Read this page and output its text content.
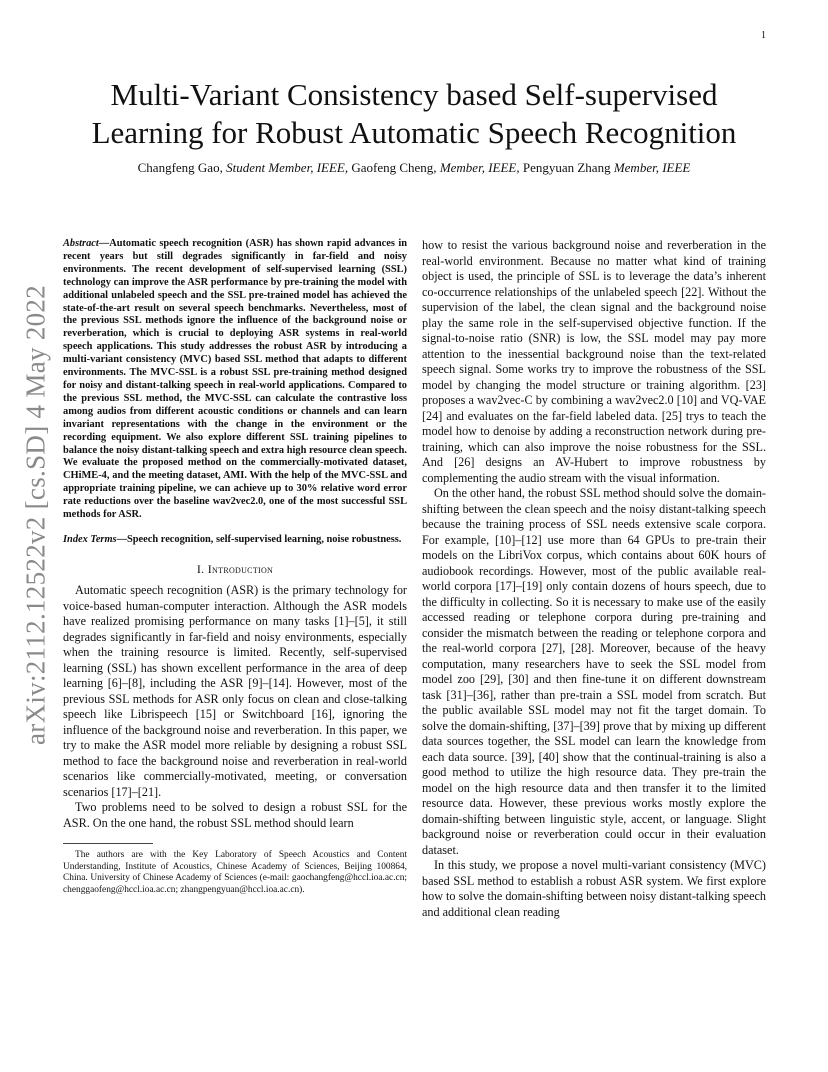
1
Multi-Variant Consistency based Self-supervised Learning for Robust Automatic Speech Recognition
Changfeng Gao, Student Member, IEEE, Gaofeng Cheng, Member, IEEE, Pengyuan Zhang Member, IEEE
arXiv:2112.12522v2 [cs.SD] 4 May 2022
Abstract—Automatic speech recognition (ASR) has shown rapid advances in recent years but still degrades significantly in far-field and noisy environments. The recent development of self-supervised learning (SSL) technology can improve the ASR performance by pre-training the model with additional unlabeled speech and the SSL pre-trained model has achieved the state-of-the-art result on several speech benchmarks. Nevertheless, most of the previous SSL methods ignore the influence of the background noise or reverberation, which is crucial to deploying ASR systems in real-world speech applications. This study addresses the robust ASR by introducing a multi-variant consistency (MVC) based SSL method that adapts to different environments. The MVC-SSL is a robust SSL pre-training method designed for noisy and distant-talking speech in real-world applications. Compared to the previous SSL method, the MVC-SSL can calculate the contrastive loss among audios from different acoustic conditions or channels and can learn invariant representations with the change in the environment or the recording equipment. We also explore different SSL training pipelines to balance the noisy distant-talking speech and extra high resource clean speech. We evaluate the proposed method on the commercially-motivated dataset, CHiME-4, and the meeting dataset, AMI. With the help of the MVC-SSL and appropriate training pipeline, we can achieve up to 30% relative word error rate reductions over the baseline wav2vec2.0, one of the most successful SSL methods for ASR.
Index Terms—Speech recognition, self-supervised learning, noise robustness.
I. Introduction

Automatic speech recognition (ASR) is the primary technology for voice-based human-computer interaction. Although the ASR models have realized promising performance on many tasks [1]–[5], it still degrades significantly in far-field and noisy environments, especially when the training resource is limited. Recently, self-supervised learning (SSL) has shown excellent performance in the area of deep learning [6]–[8], including the ASR [9]–[14]. However, most of the previous SSL methods for ASR only focus on clean and close-talking speech like Librispeech [15] or Switchboard [16], ignoring the influence of the background noise and reverberation. In this paper, we try to make the ASR model more reliable by designing a robust SSL method to face the background noise and reverberation in real-world scenarios like commercially-motivated, meeting, or conversation scenarios [17]–[21].

Two problems need to be solved to design a robust SSL for the ASR. On the one hand, the robust SSL method should learn

The authors are with the Key Laboratory of Speech Acoustics and Content Understanding, Institute of Acoustics, Chinese Academy of Sciences, Beijing 100864, China. University of Chinese Academy of Sciences (e-mail: gaochangfeng@hccl.ioa.ac.cn; chenggaofeng@hccl.ioa.ac.cn; zhangpengyuan@hccl.ioa.ac.cn).

how to resist the various background noise and reverberation in the real-world environment. Because no matter what kind of training object is used, the principle of SSL is to leverage the data’s inherent co-occurrence relationships of the unlabeled speech [22]. Without the supervision of the label, the clean signal and the background noise play the same role in the self-supervised objective function. If the signal-to-noise ratio (SNR) is low, the SSL model may pay more attention to the inessential background noise than the text-related speech signal. Some works try to improve the robustness of the SSL model by changing the model structure or training algorithm. [23] proposes a wav2vec-C by combining a wav2vec2.0 [10] and VQ-VAE [24] and evaluates on the far-field labeled data. [25] trys to teach the model how to denoise by adding a reconstruction network during pre-training, which can also improve the noise robustness for the SSL. And [26] designs an AV-Hubert to improve robustness by complementing the audio stream with the visual information.

On the other hand, the robust SSL method should solve the domain-shifting between the clean speech and the noisy distant-talking speech because the training process of SSL needs extensive scale corpora. For example, [10]–[12] use more than 64 GPUs to pre-train their models on the LibriVox corpus, which contains about 60K hours of audiobook recordings. However, most of the public available real-world corpora [17]–[19] only contain dozens of hours speech, due to the difficulty in collecting. So it is necessary to make use of the easily accessed reading or telephone corpora during pre-training and consider the mismatch between the reading or telephone corpora and the real-world corpora [27], [28]. Moreover, because of the heavy computation, many researchers have to seek the SSL model from model zoo [29], [30] and then fine-tune it on different downstream task [31]–[36], rather than pre-train a SSL model from scratch. But the public available SSL model may not fit the target domain. To solve the domain-shifting, [37]–[39] prove that by mixing up different data sources together, the SSL model can learn the knowledge from each data source. [39], [40] show that the continual-training is also a good method to utilize the high resource data. They pre-train the model on the high resource data and then transfer it to the limited resource data. However, these previous works mostly explore the domain-shifting between linguistic style, accent, or language. Slight background noise or reverberation could occur in their evaluation dataset.

In this study, we propose a novel multi-variant consistency (MVC) based SSL method to establish a robust ASR system. We first explore how to solve the domain-shifting between noisy distant-talking speech and additional clean reading
